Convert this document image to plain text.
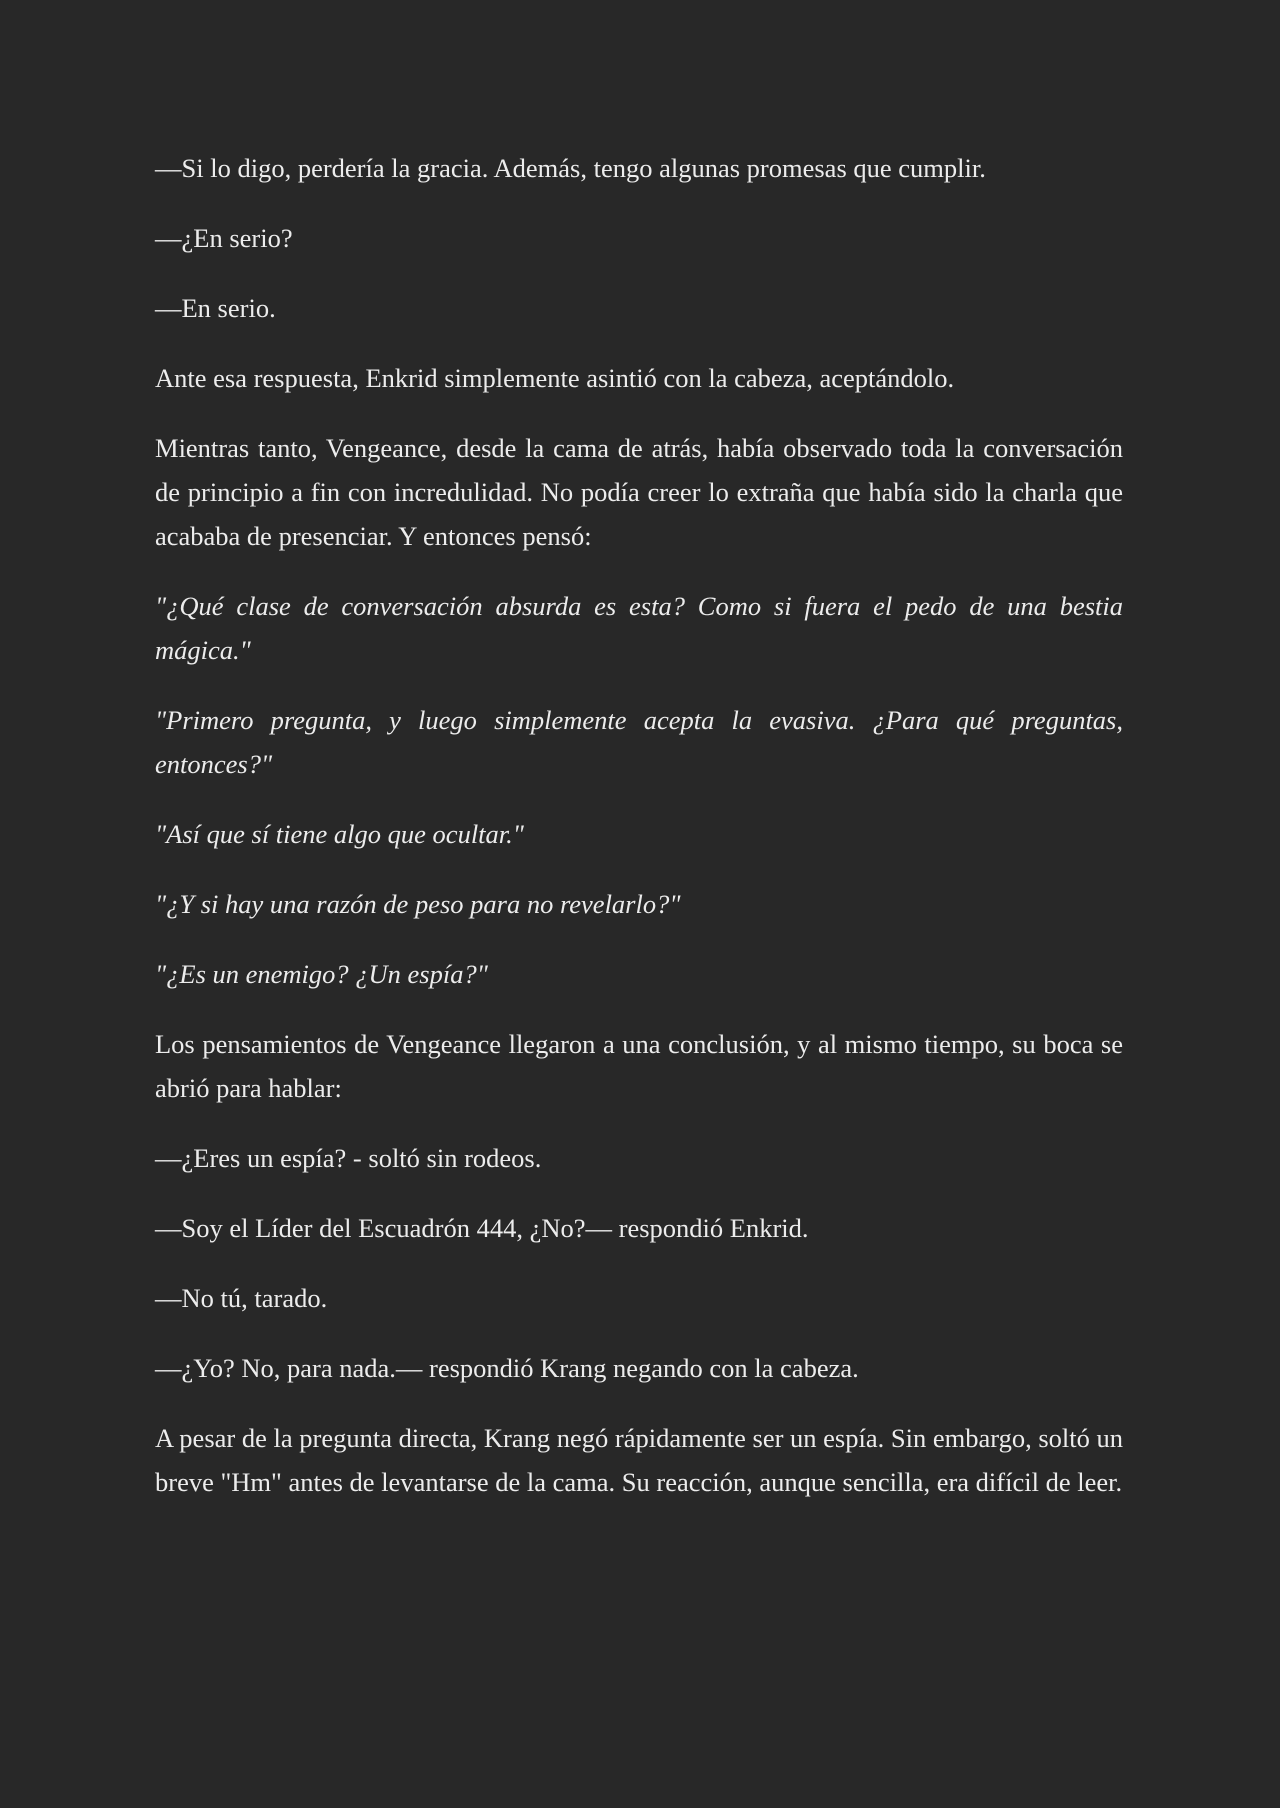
—Si lo digo, perdería la gracia. Además, tengo algunas promesas que cumplir.

—¿En serio?

—En serio.

Ante esa respuesta, Enkrid simplemente asintió con la cabeza, aceptándolo.

Mientras tanto, Vengeance, desde la cama de atrás, había observado toda la conversación de principio a fin con incredulidad. No podía creer lo extraña que había sido la charla que acababa de presenciar. Y entonces pensó:

"¿Qué clase de conversación absurda es esta? Como si fuera el pedo de una bestia mágica."

"Primero pregunta, y luego simplemente acepta la evasiva. ¿Para qué preguntas, entonces?"

"Así que sí tiene algo que ocultar."

"¿Y si hay una razón de peso para no revelarlo?"

"¿Es un enemigo? ¿Un espía?"

Los pensamientos de Vengeance llegaron a una conclusión, y al mismo tiempo, su boca se abrió para hablar:

—¿Eres un espía? - soltó sin rodeos.

—Soy el Líder del Escuadrón 444, ¿No?— respondió Enkrid.

—No tú, tarado.

—¿Yo? No, para nada.— respondió Krang negando con la cabeza.

A pesar de la pregunta directa, Krang negó rápidamente ser un espía. Sin embargo, soltó un breve "Hm" antes de levantarse de la cama. Su reacción, aunque sencilla, era difícil de leer.
